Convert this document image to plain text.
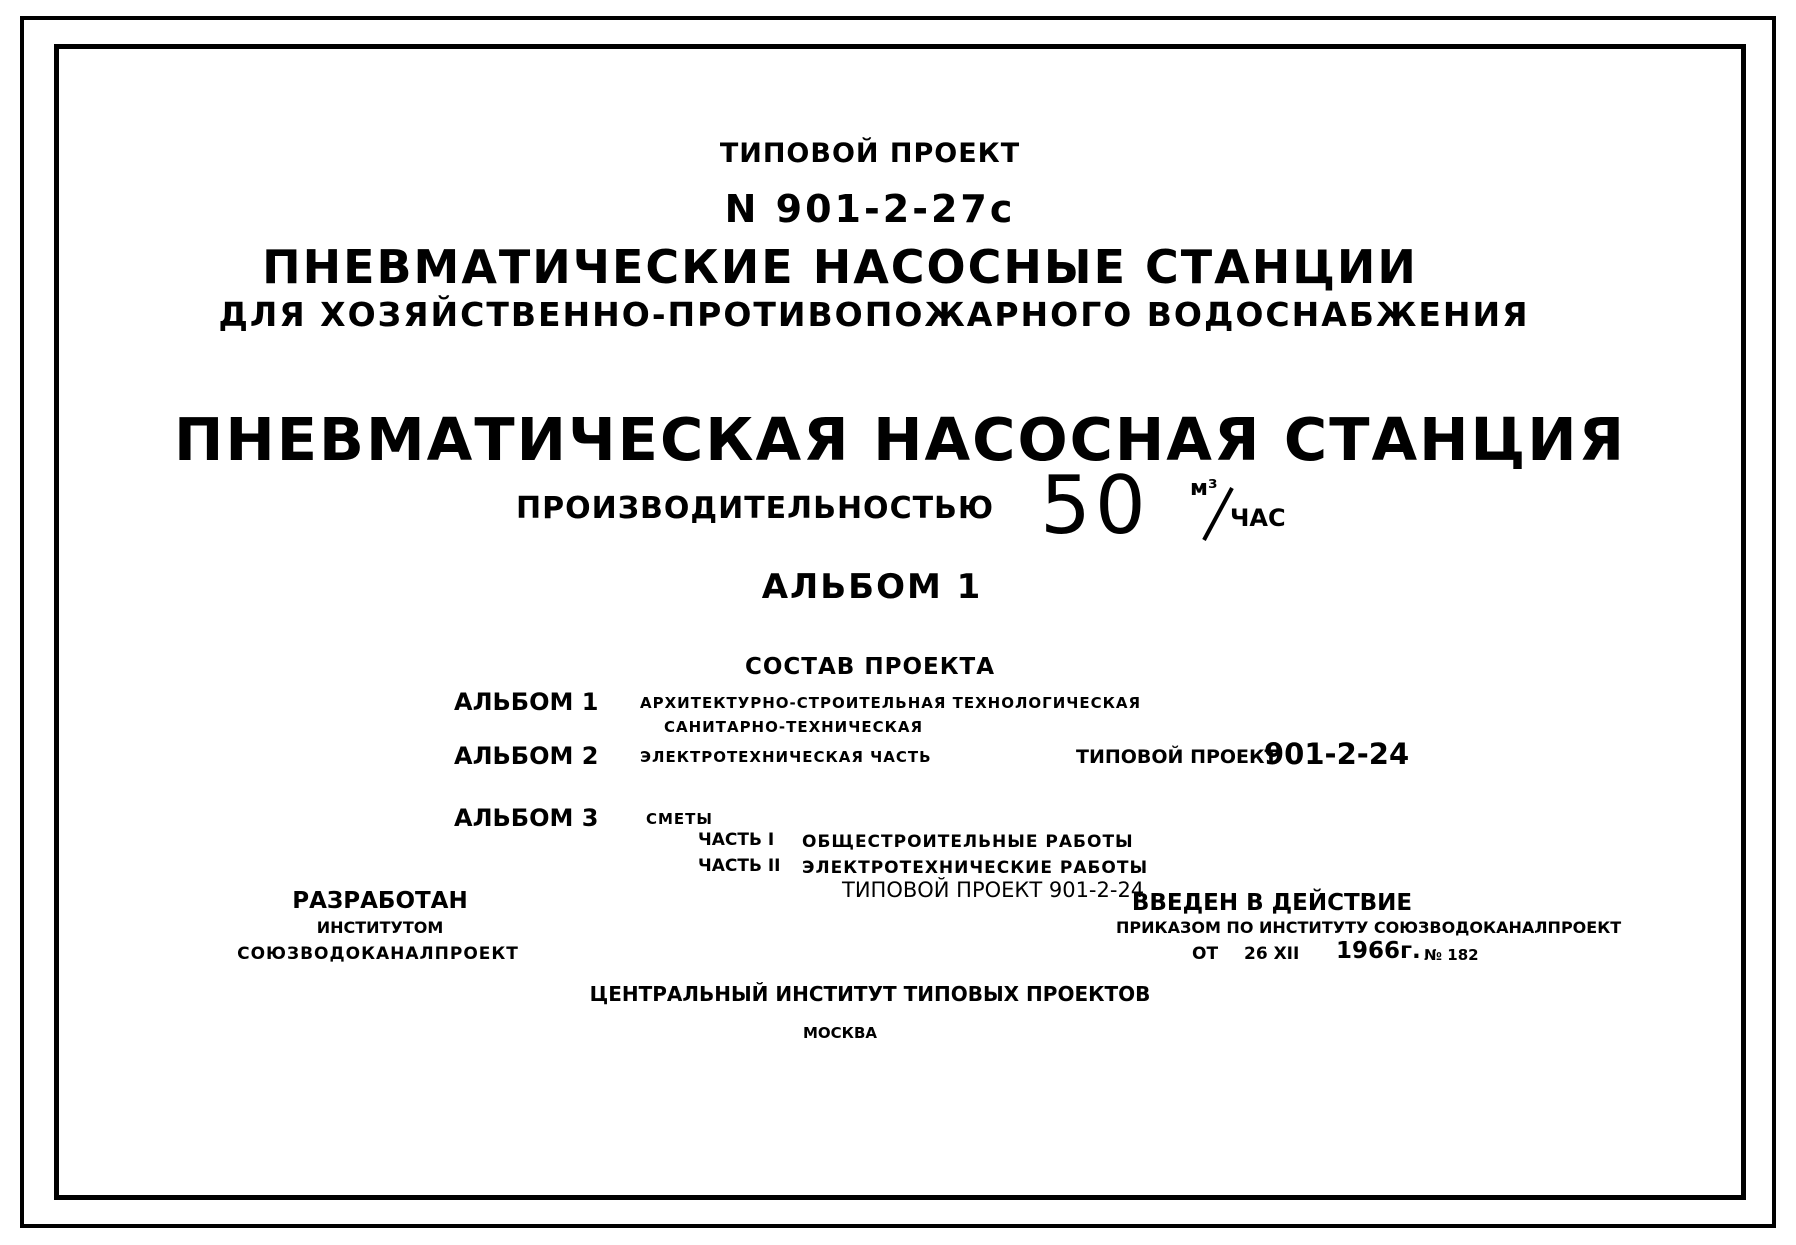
ТИПОВОЙ ПРОЕКТ
N 901-2-27с
ПНЕВМАТИЧЕСКИЕ НАСОСНЫЕ СТАНЦИИ
ДЛЯ ХОЗЯЙСТВЕННО-ПРОТИВОПОЖАРНОГО ВОДОСНАБЖЕНИЯ
ПНЕВМАТИЧЕСКАЯ НАСОСНАЯ СТАНЦИЯ
ПРОИЗВОДИТЕЛЬНОСТЬЮ 50 м³
ЧАС
АЛЬБОМ 1
СОСТАВ ПРОЕКТА
АЛЬБОМ 1	АРХИТЕКТУРНО-СТРОИТЕЛЬНАЯ ТЕХНОЛОГИЧЕСКАЯ
САНИТАРНО-ТЕХНИЧЕСКАЯ
АЛЬБОМ 2	ЭЛЕКТРОТЕХНИЧЕСКАЯ ЧАСТЬ	ТИПОВОЙ ПРОЕКТ
901-2-24
АЛЬБОМ 3	СМЕТЫ
ЧАСТЬ I ОБЩЕСТРОИТЕЛЬНЫЕ РАБОТЫ
ЧАСТЬ II ЭЛЕКТРОТЕХНИЧЕСКИЕ РАБОТЫ
ТИПОВОЙ ПРОЕКТ 901-2-24
РАЗРАБОТАН
ИНСТИТУТОМ
СОЮЗВОДОКАНАЛПРОЕКТ
ВВЕДЕН В ДЕЙСТВИЕ
ПРИКАЗОМ ПО ИНСТИТУТУ СОЮЗВОДОКАНАЛПРОЕКТ
ОТ 26 XII 1966г. № 182
ЦЕНТРАЛЬНЫЙ ИНСТИТУТ ТИПОВЫХ ПРОЕКТОВ
МОСКВА
